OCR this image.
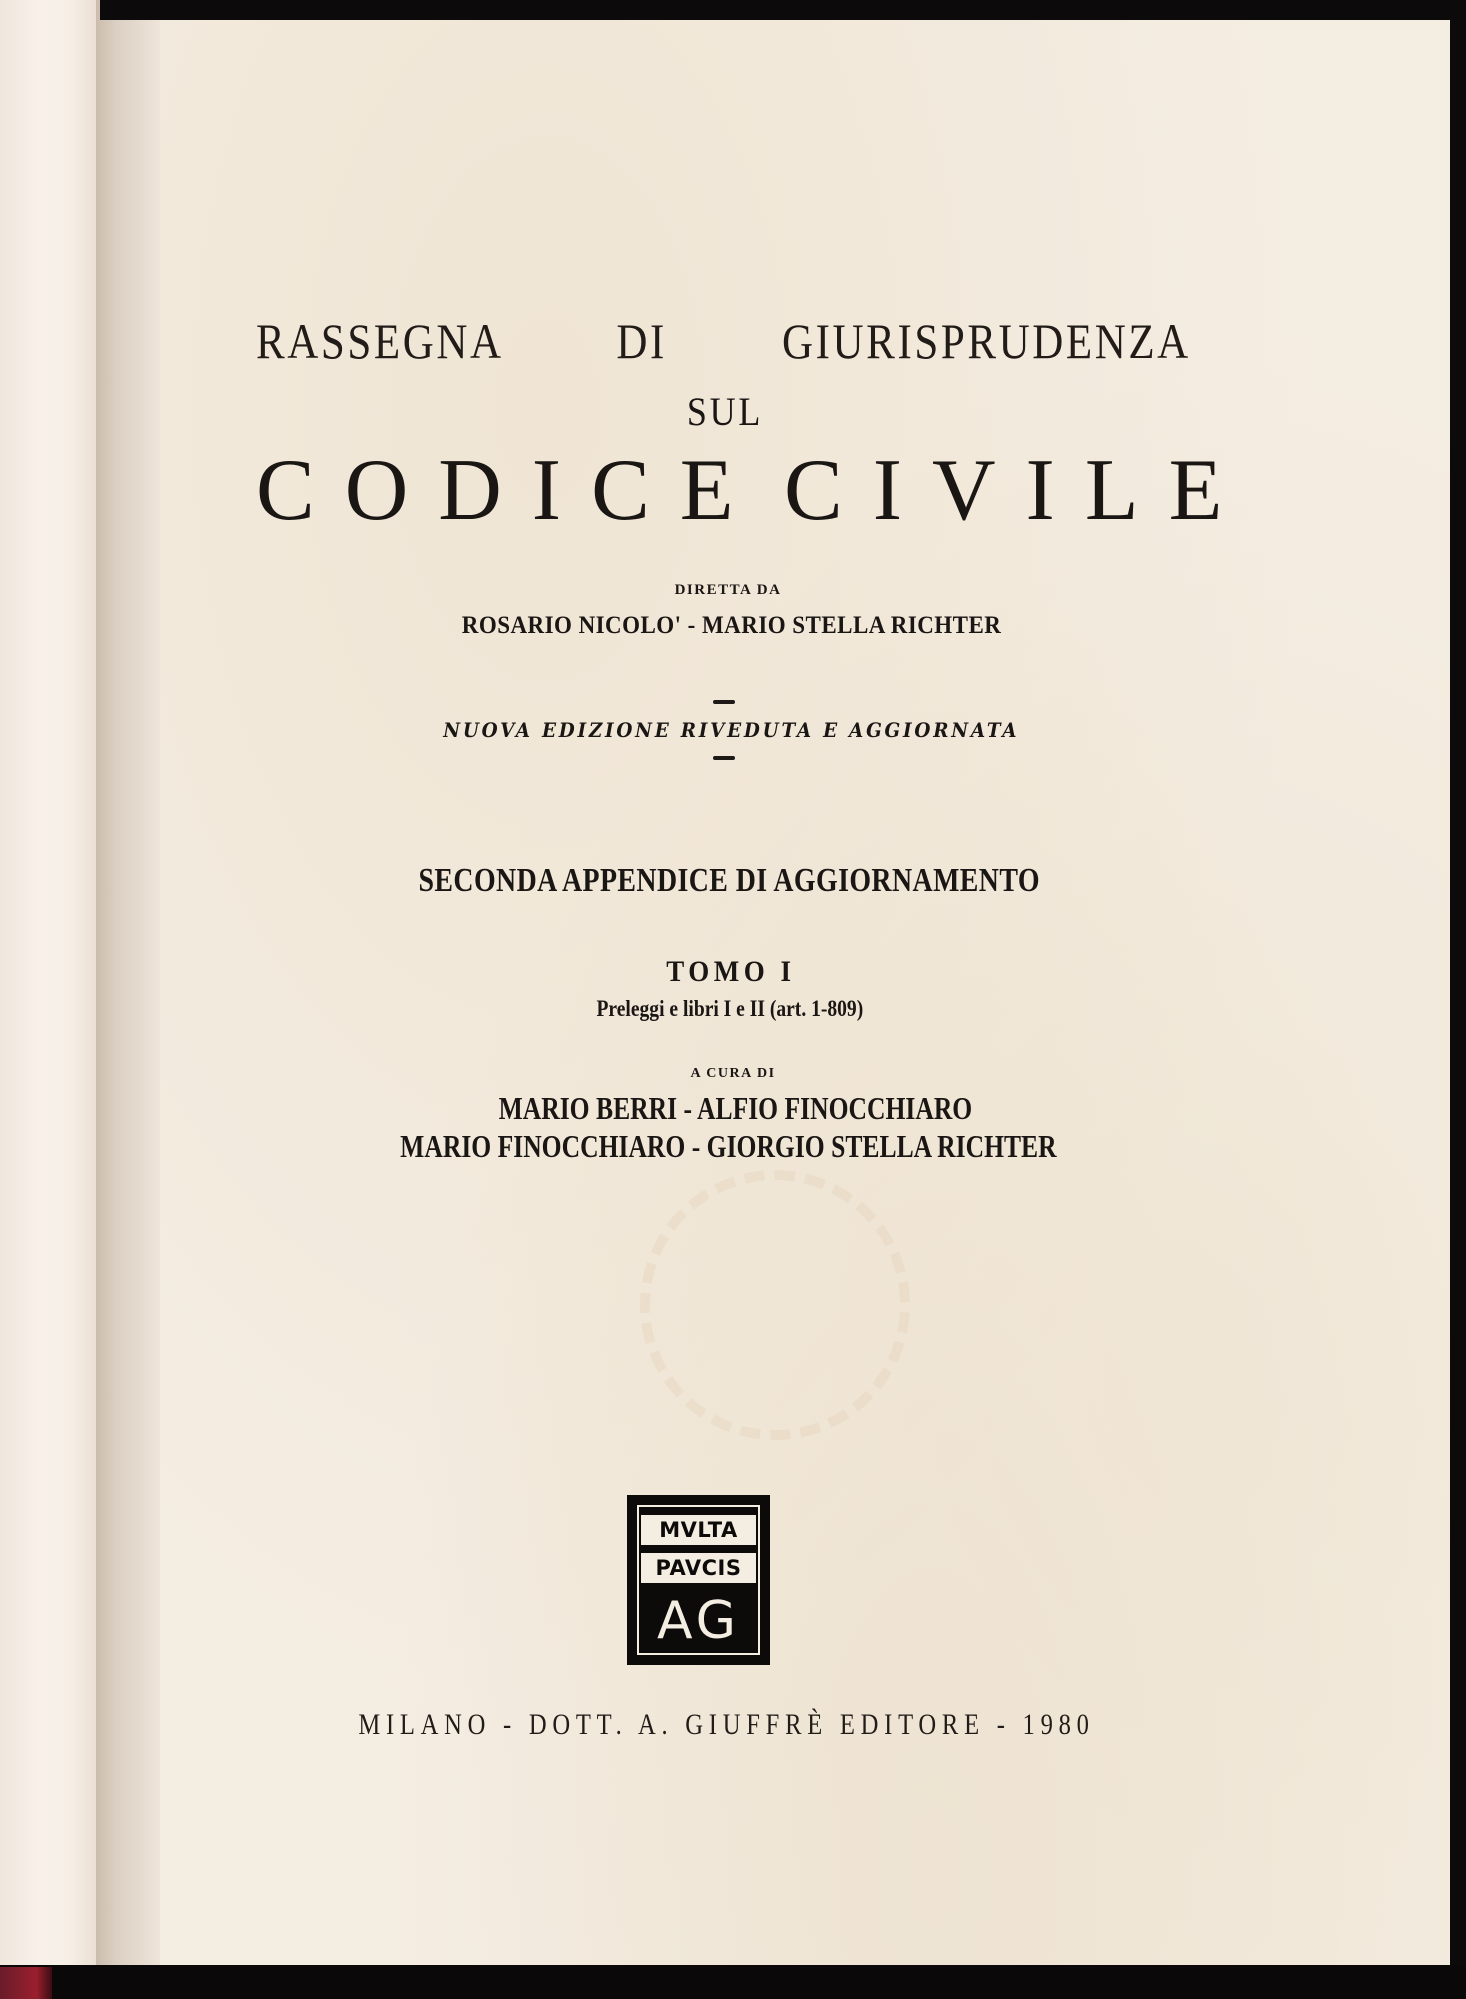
RASSEGNA DI GIURISPRUDENZA
SUL
CODICE CIVILE
DIRETTA DA
ROSARIO NICOLO' - MARIO STELLA RICHTER
NUOVA EDIZIONE RIVEDUTA E AGGIORNATA
SECONDA APPENDICE DI AGGIORNAMENTO
TOMO I
Preleggi e libri I e II (art. 1-809)
A CURA DI
MARIO BERRI - ALFIO FINOCCHIARO
MARIO FINOCCHIARO - GIORGIO STELLA RICHTER
MVLTA
PAVCIS
AG
MILANO - DOTT. A. GIUFFRÈ EDITORE - 1980
